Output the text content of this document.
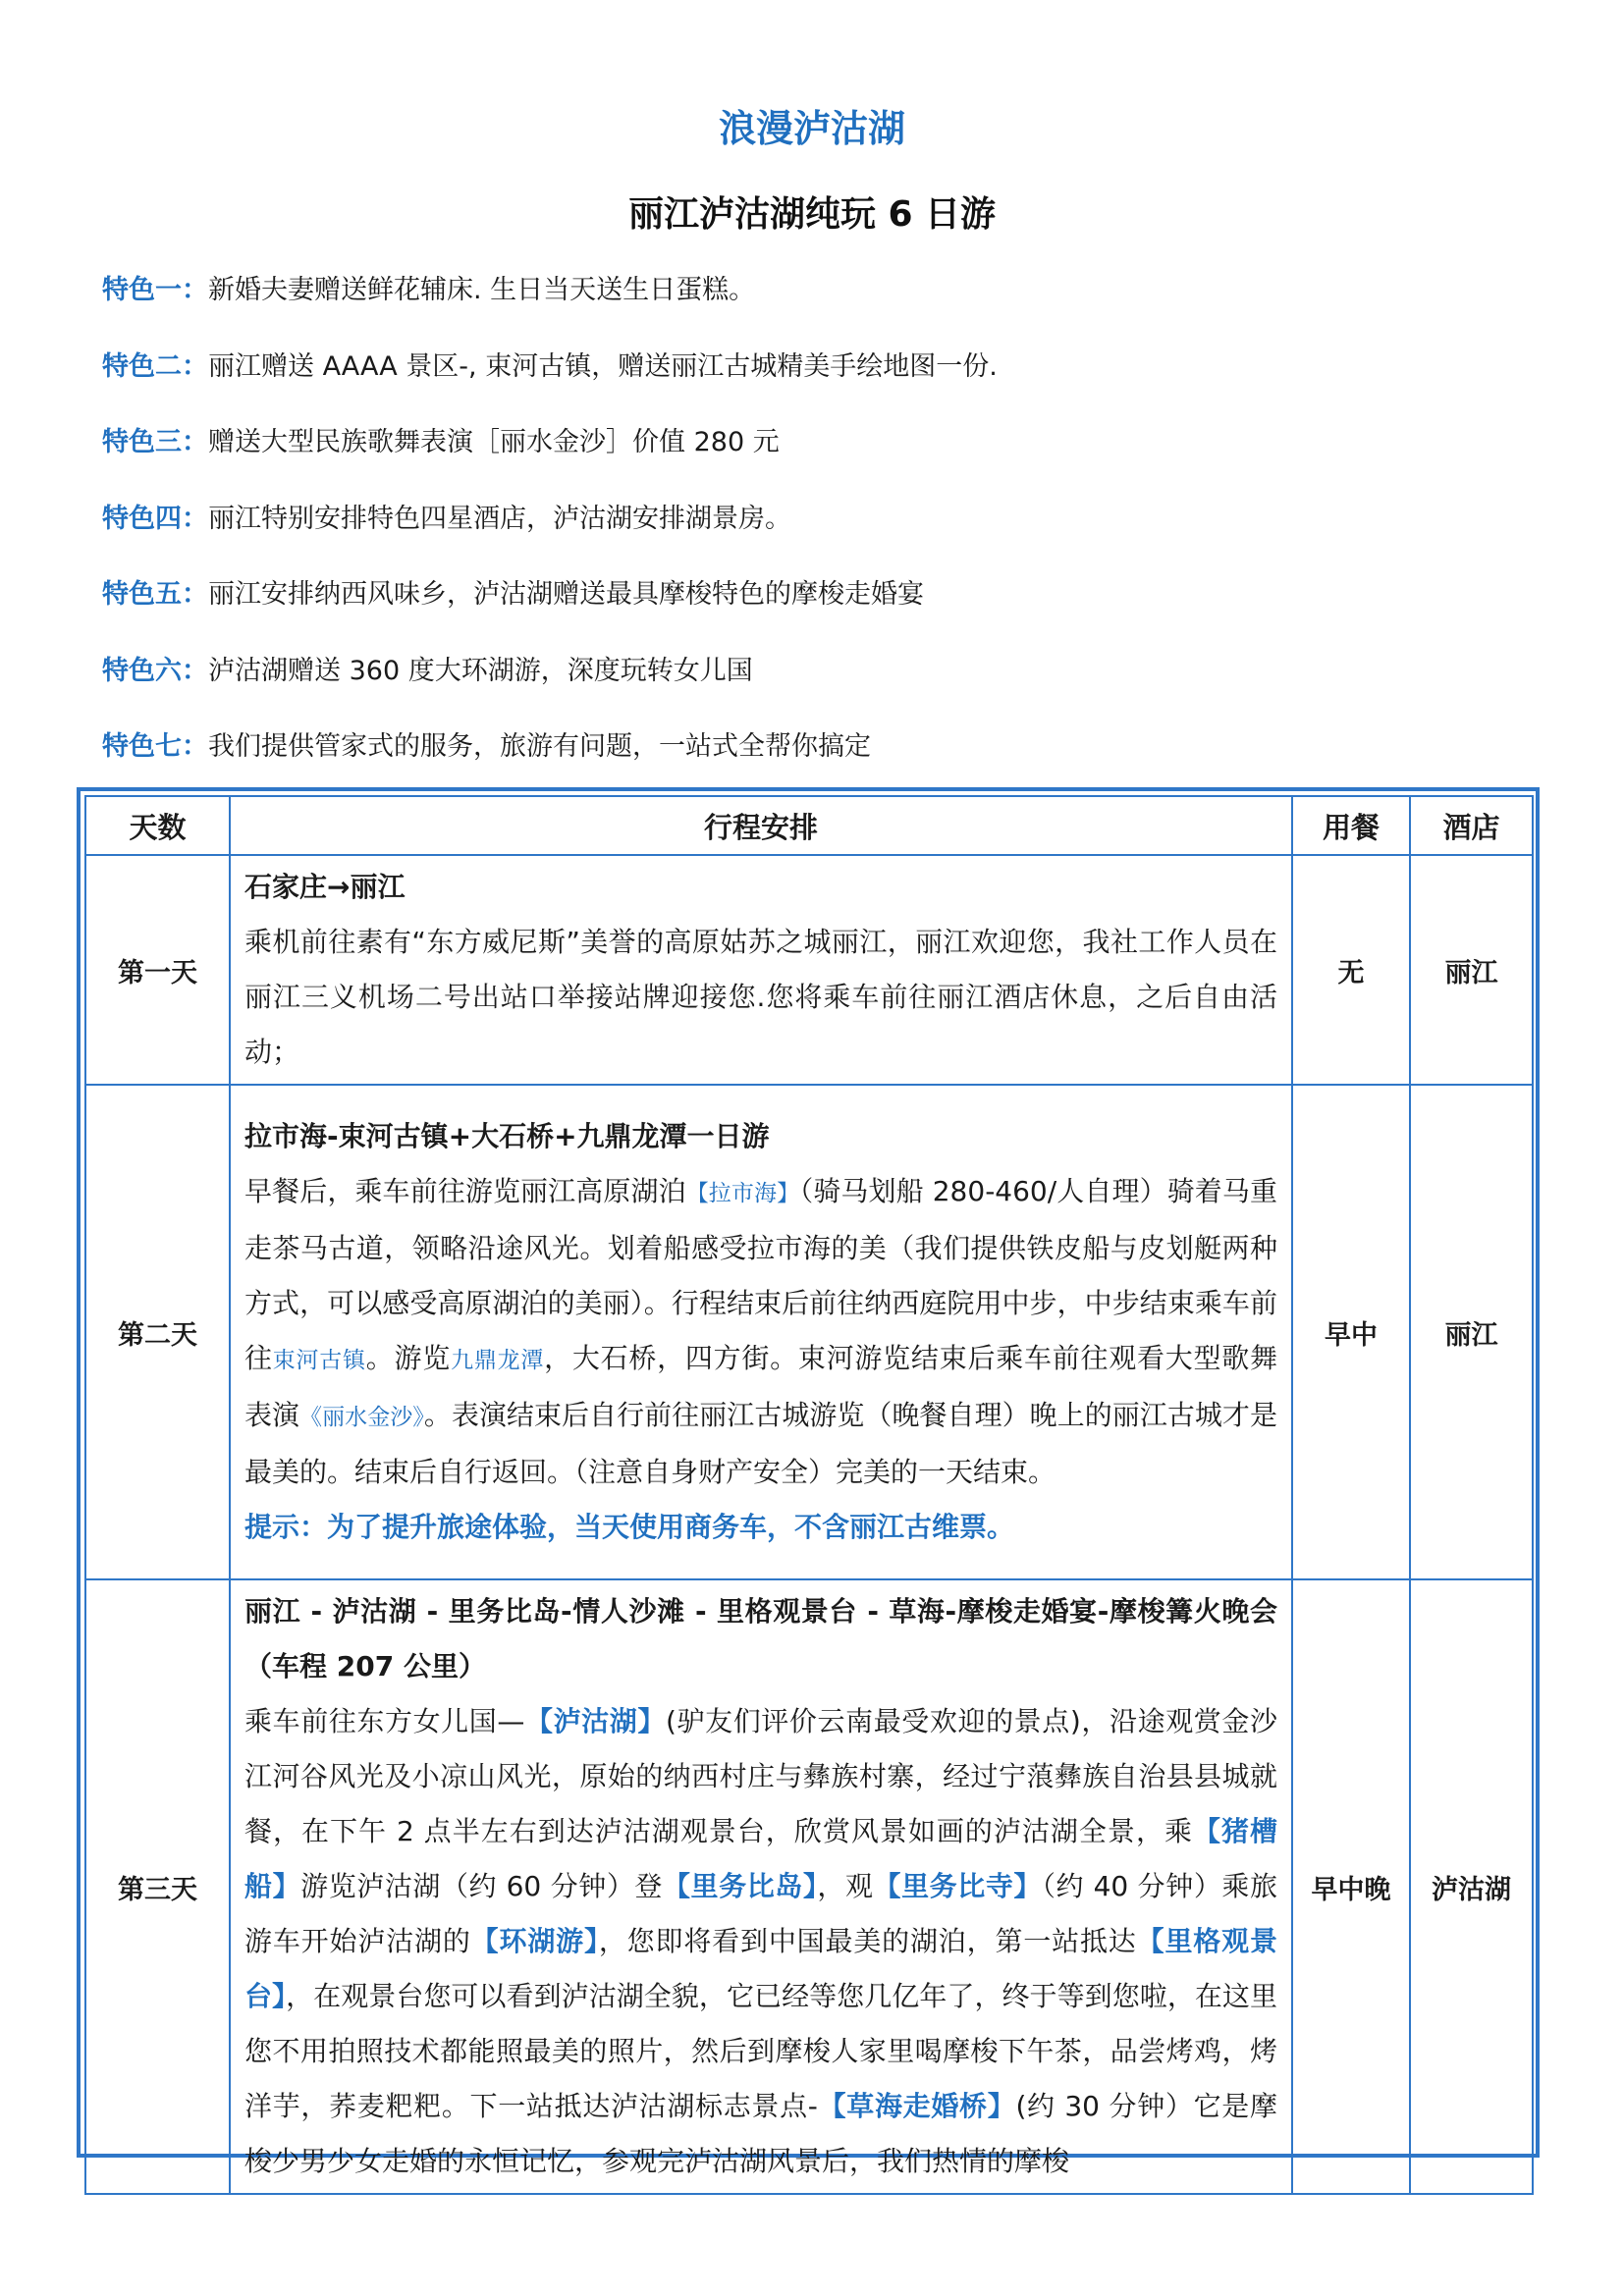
浪漫泸沽湖
丽江泸沽湖纯玩 6 日游
特色一：新婚夫妻赠送鲜花辅床. 生日当天送生日蛋糕。
特色二：丽江赠送 AAAA 景区-, 束河古镇，赠送丽江古城精美手绘地图一份.
特色三：赠送大型民族歌舞表演［丽水金沙］价值 280 元
特色四：丽江特别安排特色四星酒店，泸沽湖安排湖景房。
特色五：丽江安排纳西风味乡，泸沽湖赠送最具摩梭特色的摩梭走婚宴
特色六：泸沽湖赠送 360 度大环湖游，深度玩转女儿国
特色七：我们提供管家式的服务，旅游有问题，一站式全帮你搞定
天数	行程安排	用餐	酒店
第一天	石家庄→丽江
乘机前往素有“东方威尼斯”美誉的高原姑苏之城丽江，丽江欢迎您，我社工作人员在丽江三义机场二号出站口举接站牌迎接您.您将乘车前往丽江酒店休息，之后自由活动；	无	丽江
第二天	拉市海-束河古镇+大石桥+九鼎龙潭一日游
早餐后，乘车前往游览丽江高原湖泊【拉市海】（骑马划船 280-460/人自理）骑着马重走茶马古道，领略沿途风光。划着船感受拉市海的美（我们提供铁皮船与皮划艇两种方式，可以感受高原湖泊的美丽）。行程结束后前往纳西庭院用中步，中步结束乘车前往束河古镇。游览九鼎龙潭，大石桥，四方街。束河游览结束后乘车前往观看大型歌舞表演《丽水金沙》。表演结束后自行前往丽江古城游览（晚餐自理）晚上的丽江古城才是最美的。结束后自行返回。（注意自身财产安全）完美的一天结束。
提示：为了提升旅途体验，当天使用商务车，不含丽江古维票。	早中	丽江
第三天	丽江 - 泸沽湖 - 里务比岛-情人沙滩 - 里格观景台 - 草海-摩梭走婚宴-摩梭篝火晚会（车程 207 公里）
乘车前往东方女儿国—【泸沽湖】(驴友们评价云南最受欢迎的景点)，沿途观赏金沙江河谷风光及小凉山风光，原始的纳西村庄与彝族村寨，经过宁蒗彝族自治县县城就餐，在下午 2 点半左右到达泸沽湖观景台，欣赏风景如画的泸沽湖全景，乘【猪槽船】游览泸沽湖（约 60 分钟）登【里务比岛】，观【里务比寺】（约 40 分钟）乘旅游车开始泸沽湖的【环湖游】，您即将看到中国最美的湖泊，第一站抵达【里格观景台】，在观景台您可以看到泸沽湖全貌，它已经等您几亿年了，终于等到您啦，在这里您不用拍照技术都能照最美的照片，然后到摩梭人家里喝摩梭下午茶，品尝烤鸡，烤洋芋，荞麦粑粑。下一站抵达泸沽湖标志景点-【草海走婚桥】(约 30 分钟）它是摩梭少男少女走婚的永恒记忆，参观完泸沽湖风景后，我们热情的摩梭	早中晚	泸沽湖
